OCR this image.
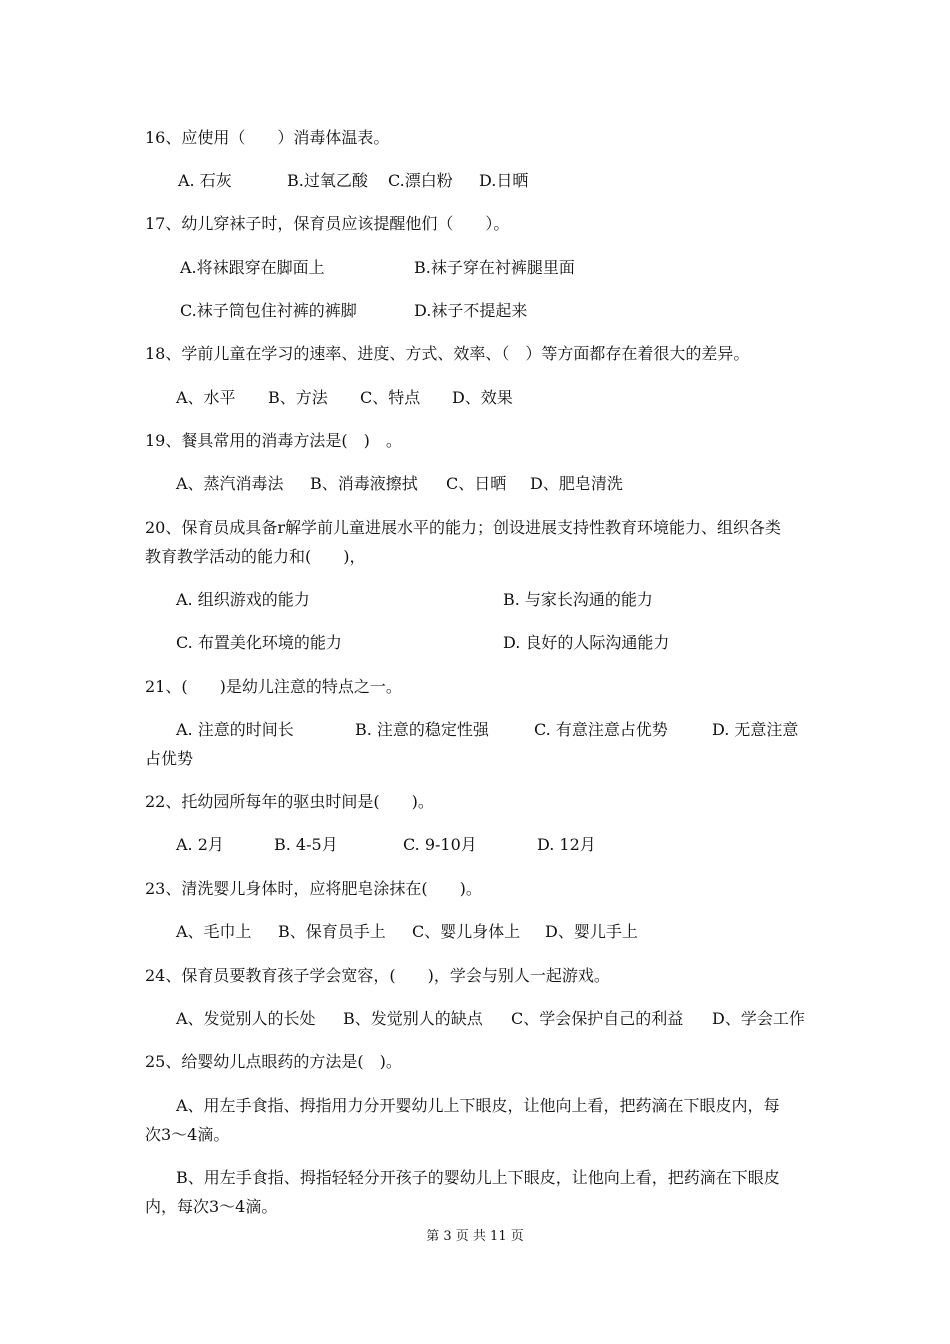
16、应使用（　　）消毒体温表。
A. 石灰	B.过氧乙酸 C.漂白粉 D.日晒
17、幼儿穿袜子时，保育员应该提醒他们（　　）。
A.将袜跟穿在脚面上	B.袜子穿在衬裤腿里面
C.袜子筒包住衬裤的裤脚	D.袜子不提起来
18、学前儿童在学习的速率、进度、方式、效率、（　）等方面都存在着很大的差异。
A、水平 B、方法 C、特点 D、效果
19、餐具常用的消毒方法是(　)　。
A、蒸汽消毒法 B、消毒液擦拭 C、日晒 D、肥皂清洗
20、保育员成具备r解学前儿童进展水平的能力；创设进展支持性教育环境能力、组织各类
教育教学活动的能力和(　　)，
A. 组织游戏的能力	B. 与家长沟通的能力
C. 布置美化环境的能力	D. 良好的人际沟通能力
21、(　　)是幼儿注意的特点之一。
A. 注意的时间长	B. 注意的稳定性强	C. 有意注意占优势	D. 无意注意
占优势
22、托幼园所每年的驱虫时间是(　　)。
A. 2月	B. 4-5月	C. 9-10月	D. 12月
23、清洗婴儿身体时，应将肥皂涂抹在(　　)。
A、毛巾上 B、保育员手上 C、婴儿身体上 D、婴儿手上
24、保育员要教育孩子学会宽容，(　　)，学会与别人一起游戏。
A、发觉别人的长处 B、发觉别人的缺点 C、学会保护自己的利益 D、学会工作
25、给婴幼儿点眼药的方法是(　)。
A、用左手食指、拇指用力分开婴幼儿上下眼皮，让他向上看，把药滴在下眼皮内，每
次3～4滴。
B、用左手食指、拇指轻轻分开孩子的婴幼儿上下眼皮，让他向上看，把药滴在下眼皮
内，每次3～4滴。
第 3 页 共 11 页
